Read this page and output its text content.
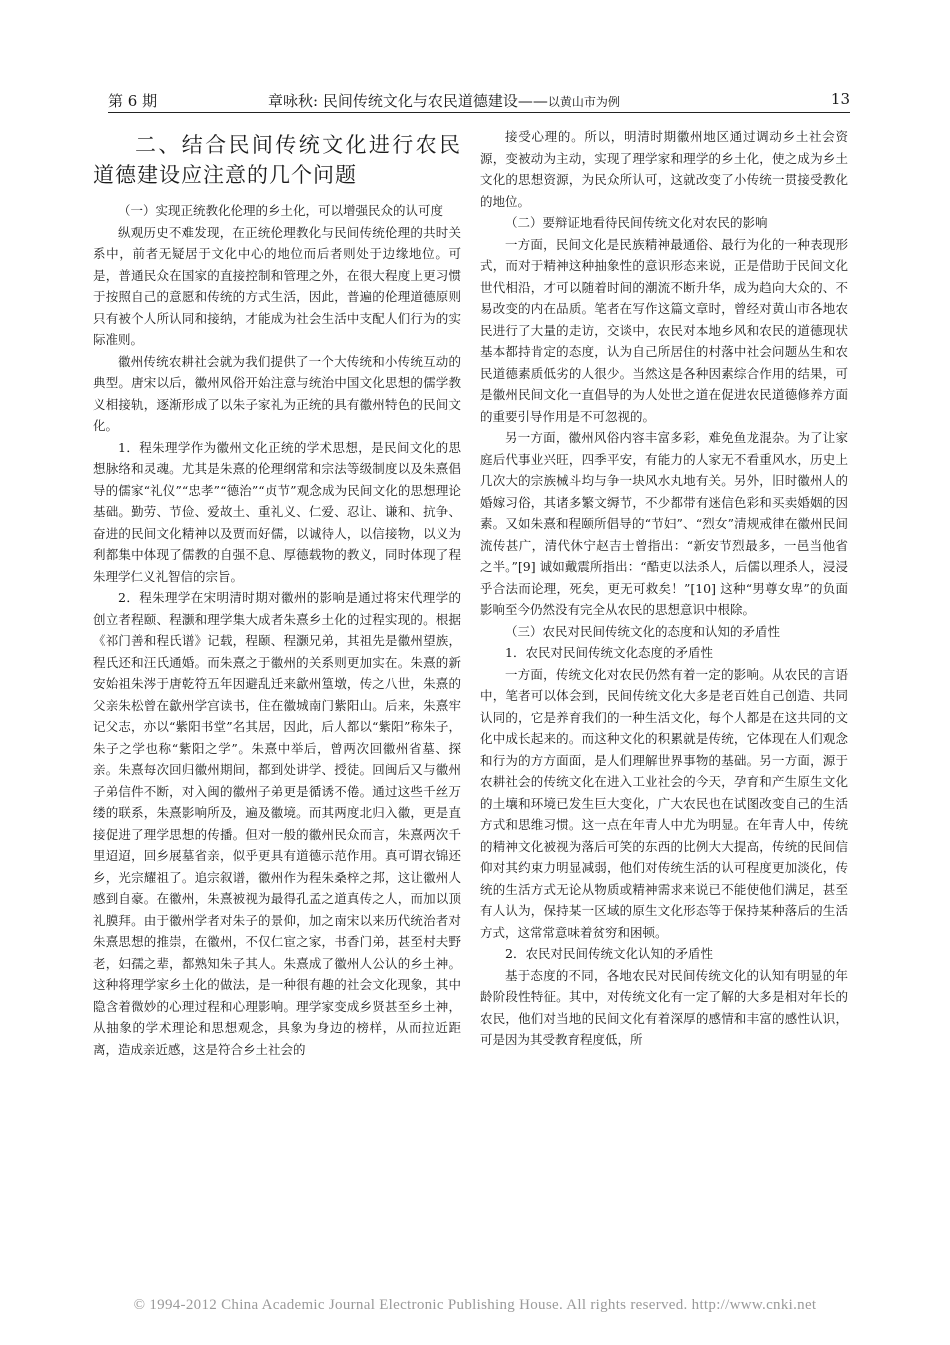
第 6 期	章咏秋: 民间传统文化与农民道德建设——以黄山市为例	13
二、结合民间传统文化进行农民道德建设应注意的几个问题

（一）实现正统教化伦理的乡土化，可以增强民众的认可度

纵观历史不难发现，在正统伦理教化与民间传统伦理的共时关系中，前者无疑居于文化中心的地位而后者则处于边缘地位。可是，普通民众在国家的直接控制和管理之外，在很大程度上更习惯于按照自己的意愿和传统的方式生活，因此，普遍的伦理道德原则只有被个人所认同和接纳，才能成为社会生活中支配人们行为的实际准则。

徽州传统农耕社会就为我们提供了一个大传统和小传统互动的典型。唐宋以后，徽州风俗开始注意与统治中国文化思想的儒学教义相接轨，逐渐形成了以朱子家礼为正统的具有徽州特色的民间文化。

1．程朱理学作为徽州文化正统的学术思想，是民间文化的思想脉络和灵魂。尤其是朱熹的伦理纲常和宗法等级制度以及朱熹倡导的儒家“礼仪”“忠孝”“德治”“贞节”观念成为民间文化的思想理论基础。勤劳、节俭、爱故土、重礼义、仁爱、忍让、谦和、抗争、奋进的民间文化精神以及贾而好儒，以诚待人，以信接物，以义为利都集中体现了儒教的自强不息、厚德载物的教义，同时体现了程朱理学仁义礼智信的宗旨。

2．程朱理学在宋明清时期对徽州的影响是通过将宋代理学的创立者程颐、程灏和理学集大成者朱熹乡土化的过程实现的。根据《祁门善和程氏谱》记载，程颐、程灏兄弟，其祖先是徽州望族，程氏还和汪氏通婚。而朱熹之于徽州的关系则更加实在。朱熹的新安始祖朱涔于唐乾符五年因避乱迁来歙州篁墩，传之八世，朱熹的父亲朱松曾在歙州学宫读书，住在徽城南门紫阳山。后来，朱熹牢记父志，亦以“紫阳书堂”名其居，因此，后人都以“紫阳”称朱子，朱子之学也称“紫阳之学”。朱熹中举后，曾两次回徽州省墓、探亲。朱熹每次回归徽州期间，都到处讲学、授徒。回闽后又与徽州子弟信件不断，对入闽的徽州子弟更是循诱不倦。通过这些千丝万缕的联系，朱熹影响所及，遍及徽境。而其两度北归入徽，更是直接促进了理学思想的传播。但对一般的徽州民众而言，朱熹两次千里迢迢，回乡展墓省亲，似乎更具有道德示范作用。真可谓衣锦还乡，光宗耀祖了。追宗叙谱，徽州作为程朱桑梓之邦，这让徽州人感到自豪。在徽州，朱熹被视为最得孔孟之道真传之人，而加以顶礼膜拜。由于徽州学者对朱子的景仰，加之南宋以来历代统治者对朱熹思想的推崇，在徽州，不仅仁宦之家，书香门弟，甚至村夫野老，妇孺之辈，都熟知朱子其人。朱熹成了徽州人公认的乡土神。这种将理学家乡土化的做法，是一种很有趣的社会文化现象，其中隐含着微妙的心理过程和心理影响。理学家变成乡贤甚至乡土神，从抽象的学术理论和思想观念，具象为身边的榜样，从而拉近距离，造成亲近感，这是符合乡土社会的

接受心理的。所以，明清时期徽州地区通过调动乡土社会资源，变被动为主动，实现了理学家和理学的乡土化，使之成为乡土文化的思想资源，为民众所认可，这就改变了小传统一贯接受教化的地位。

（二）要辩证地看待民间传统文化对农民的影响

一方面，民间文化是民族精神最通俗、最行为化的一种表现形式，而对于精神这种抽象性的意识形态来说，正是借助于民间文化世代相沿，才可以随着时间的潮流不断升华，成为趋向大众的、不易改变的内在品质。笔者在写作这篇文章时，曾经对黄山市各地农民进行了大量的走访，交谈中，农民对本地乡风和农民的道德现状基本都持肯定的态度，认为自己所居住的村落中社会问题丛生和农民道德素质低劣的人很少。当然这是各种因素综合作用的结果，可是徽州民间文化一直倡导的为人处世之道在促进农民道德修养方面的重要引导作用是不可忽视的。

另一方面，徽州风俗内容丰富多彩，难免鱼龙混杂。为了让家庭后代事业兴旺，四季平安，有能力的人家无不看重风水，历史上几次大的宗族械斗均与争一块风水丸地有关。另外，旧时徽州人的婚嫁习俗，其诸多繁文缛节，不少都带有迷信色彩和买卖婚姻的因素。又如朱熹和程颐所倡导的“节妇”、“烈女”清规戒律在徽州民间流传甚广，清代休宁赵吉士曾指出：“新安节烈最多，一邑当他省之半。”[9] 诚如戴震所指出：“酷吏以法杀人，后儒以理杀人，浸浸乎合法而论理，死矣，更无可救矣！”[10] 这种“男尊女卑”的负面影响至今仍然没有完全从农民的思想意识中根除。

（三）农民对民间传统文化的态度和认知的矛盾性

1．农民对民间传统文化态度的矛盾性

一方面，传统文化对农民仍然有着一定的影响。从农民的言语中，笔者可以体会到，民间传统文化大多是老百姓自己创造、共同认同的，它是养育我们的一种生活文化，每个人都是在这共同的文化中成长起来的。而这种文化的积累就是传统，它体现在人们观念和行为的方方面面，是人们理解世界事物的基础。另一方面，源于农耕社会的传统文化在进入工业社会的今天，孕育和产生原生文化的土壤和环境已发生巨大变化，广大农民也在试图改变自己的生活方式和思维习惯。这一点在年青人中尤为明显。在年青人中，传统的精神文化被视为落后可笑的东西的比例大大提高，传统的民间信仰对其约束力明显减弱，他们对传统生活的认可程度更加淡化，传统的生活方式无论从物质或精神需求来说已不能使他们满足，甚至有人认为，保持某一区域的原生文化形态等于保持某种落后的生活方式，这常常意味着贫穷和困顿。

2．农民对民间传统文化认知的矛盾性

基于态度的不同，各地农民对民间传统文化的认知有明显的年龄阶段性特征。其中，对传统文化有一定了解的大多是相对年长的农民，他们对当地的民间文化有着深厚的感情和丰富的感性认识，可是因为其受教育程度低，所

© 1994-2012 China Academic Journal Electronic Publishing House. All rights reserved. http://www.cnki.net
